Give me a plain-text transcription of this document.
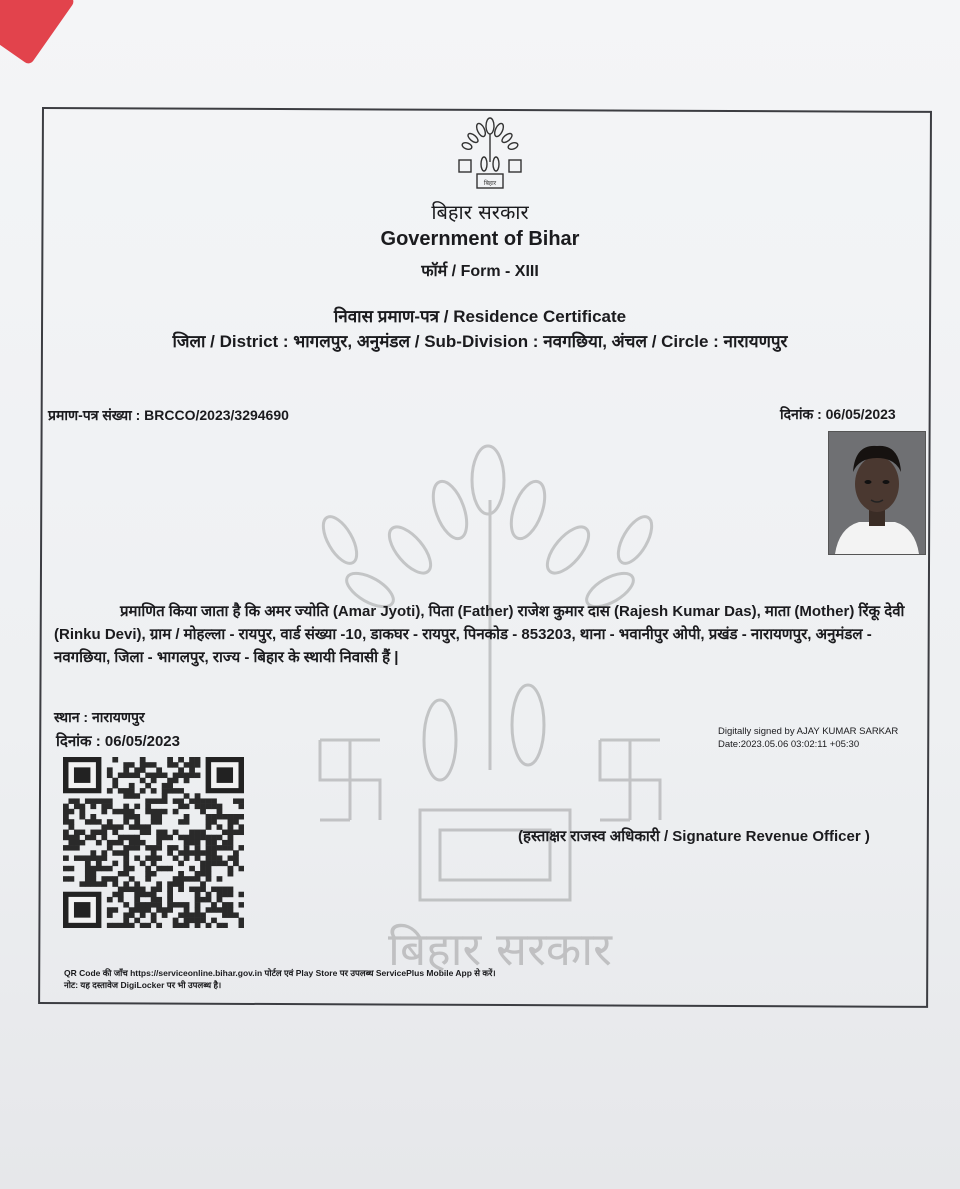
बिहार
बिहार सरकार
Government of Bihar
फॉर्म / Form - XIII
निवास प्रमाण-पत्र / Residence Certificate
जिला / District : भागलपुर, अनुमंडल / Sub-Division : नवगछिया, अंचल / Circle : नारायणपुर
प्रमाण-पत्र संख्या : BRCCO/2023/3294690	दिनांक : 06/05/2023
बिहार सरकार
प्रमाणित किया जाता है कि अमर ज्योति (Amar Jyoti), पिता (Father) राजेश कुमार दास (Rajesh Kumar Das), माता (Mother) रिंकू देवी (Rinku Devi), ग्राम / मोहल्ला - रायपुर, वार्ड संख्या -10, डाकघर - रायपुर, पिनकोड - 853203, थाना - भवानीपुर ओपी, प्रखंड - नारायणपुर, अनुमंडल - नवगछिया, जिला - भागलपुर, राज्य - बिहार के स्थायी निवासी हैं |
स्थान : नारायणपुर
दिनांक : 06/05/2023
Digitally signed by AJAY KUMAR SARKAR
Date:2023.05.06 03:02:11 +05:30
(हस्ताक्षर राजस्व अधिकारी / Signature Revenue Officer )
QR Code की जाँच https://serviceonline.bihar.gov.in पोर्टल एवं Play Store पर उपलब्ध ServicePlus Mobile App से करें।
नोट: यह दस्तावेज DigiLocker पर भी उपलब्ध है।
